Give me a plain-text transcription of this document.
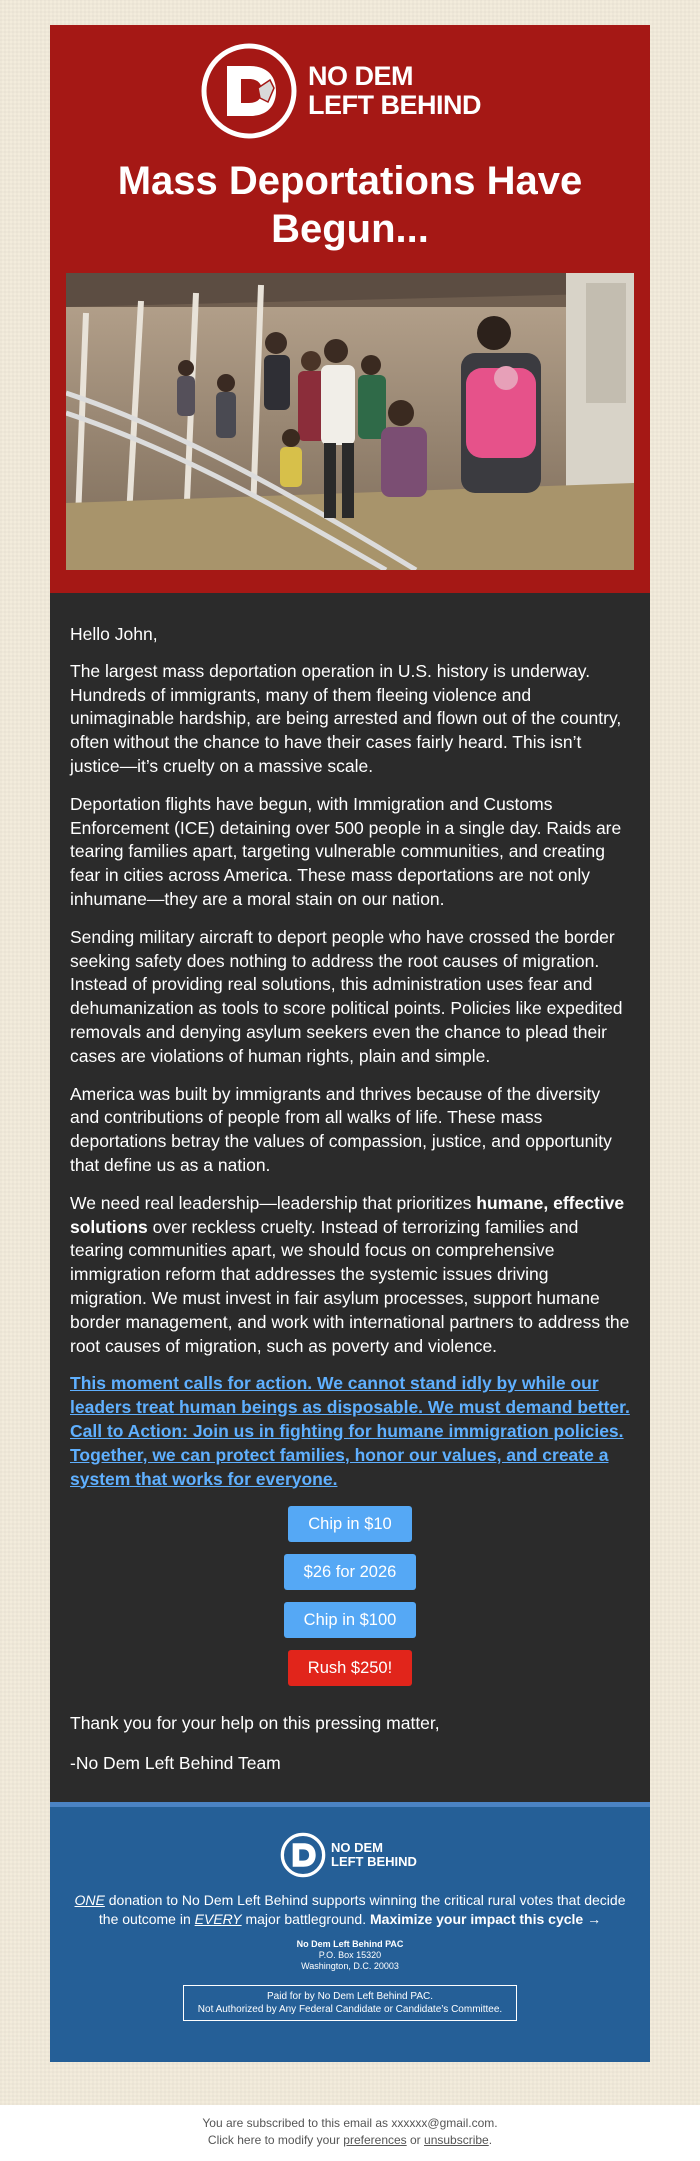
NO DEM
LEFT BEHIND
Mass Deportations Have
Begun...

Hello John,

The largest mass deportation operation in U.S. history is underway. Hundreds of immigrants, many of them fleeing violence and unimaginable hardship, are being arrested and flown out of the country, often without the chance to have their cases fairly heard. This isn’t justice—it’s cruelty on a massive scale.

Deportation flights have begun, with Immigration and Customs Enforcement (ICE) detaining over 500 people in a single day. Raids are tearing families apart, targeting vulnerable communities, and creating fear in cities across America. These mass deportations are not only inhumane—they are a moral stain on our nation.

Sending military aircraft to deport people who have crossed the border seeking safety does nothing to address the root causes of migration. Instead of providing real solutions, this administration uses fear and dehumanization as tools to score political points. Policies like expedited removals and denying asylum seekers even the chance to plead their cases are violations of human rights, plain and simple.

America was built by immigrants and thrives because of the diversity and contributions of people from all walks of life. These mass deportations betray the values of compassion, justice, and opportunity that define us as a nation.

We need real leadership—leadership that prioritizes humane, effective solutions over reckless cruelty. Instead of terrorizing families and tearing communities apart, we should focus on comprehensive immigration reform that addresses the systemic issues driving migration. We must invest in fair asylum processes, support humane border management, and work with international partners to address the root causes of migration, such as poverty and violence.

This moment calls for action. We cannot stand idly by while our leaders treat human beings as disposable. We must demand better. Call to Action: Join us in fighting for humane immigration policies. Together, we can protect families, honor our values, and create a system that works for everyone.
Chip in $10
$26 for 2026
Chip in $100
Rush $250!

Thank you for your help on this pressing matter,

-No Dem Left Behind Team

NO DEM
LEFT BEHIND

ONE donation to No Dem Left Behind supports winning the critical rural votes that decide the outcome in EVERY major battleground. Maximize your impact this cycle →

No Dem Left Behind PAC
P.O. Box 15320
Washington, D.C. 20003
Paid for by No Dem Left Behind PAC.
Not Authorized by Any Federal Candidate or Candidate’s Committee.
You are subscribed to this email as xxxxxx@gmail.com.
Click here to modify your preferences or unsubscribe.
